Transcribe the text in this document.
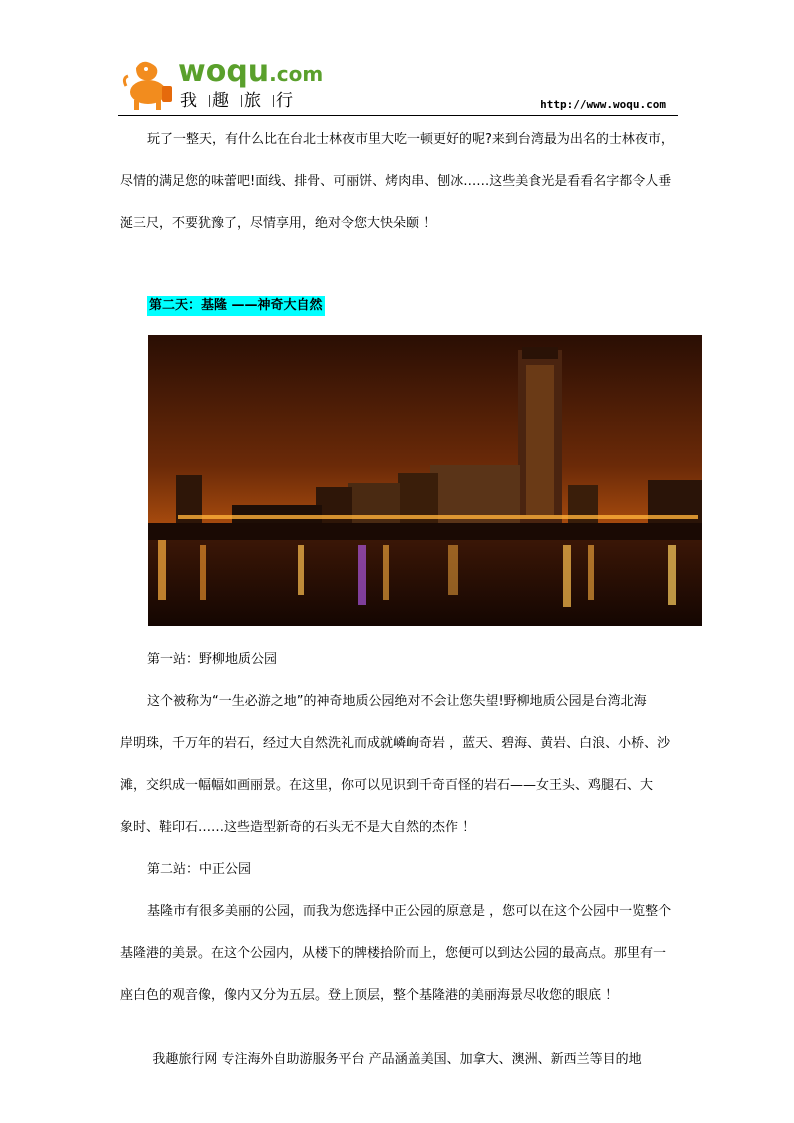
woqu.com
我 趣 旅 行	http://www.woqu.com
玩了一整天，有什么比在台北士林夜市里大吃一顿更好的呢?来到台湾最为出名的士林夜市，
尽情的满足您的味蕾吧!面线、排骨、可丽饼、烤肉串、刨冰……这些美食光是看看名字都令人垂
涎三尺，不要犹豫了，尽情享用，绝对令您大快朵颐 ！
第二天：基隆 ——神奇大自然
第一站：野柳地质公园
这个被称为“一生必游之地”的神奇地质公园绝对不会让您失望!野柳地质公园是台湾北海
岸明珠，千万年的岩石，经过大自然洗礼而成就嶙峋奇岩 ，蓝天、碧海、黄岩、白浪、小桥、沙
滩，交织成一幅幅如画丽景。在这里，你可以见识到千奇百怪的岩石——女王头、鸡腿石、大
象时、鞋印石……这些造型新奇的石头无不是大自然的杰作 ！
第二站：中正公园
基隆市有很多美丽的公园，而我为您选择中正公园的原意是 ，您可以在这个公园中一览整个
基隆港的美景。在这个公园内，从楼下的牌楼拾阶而上，您便可以到达公园的最高点。那里有一
座白色的观音像，像内又分为五层。登上顶层，整个基隆港的美丽海景尽收您的眼底 ！
我趣旅行网 专注海外自助游服务平台 产品涵盖美国、加拿大、澳洲、新西兰等目的地
